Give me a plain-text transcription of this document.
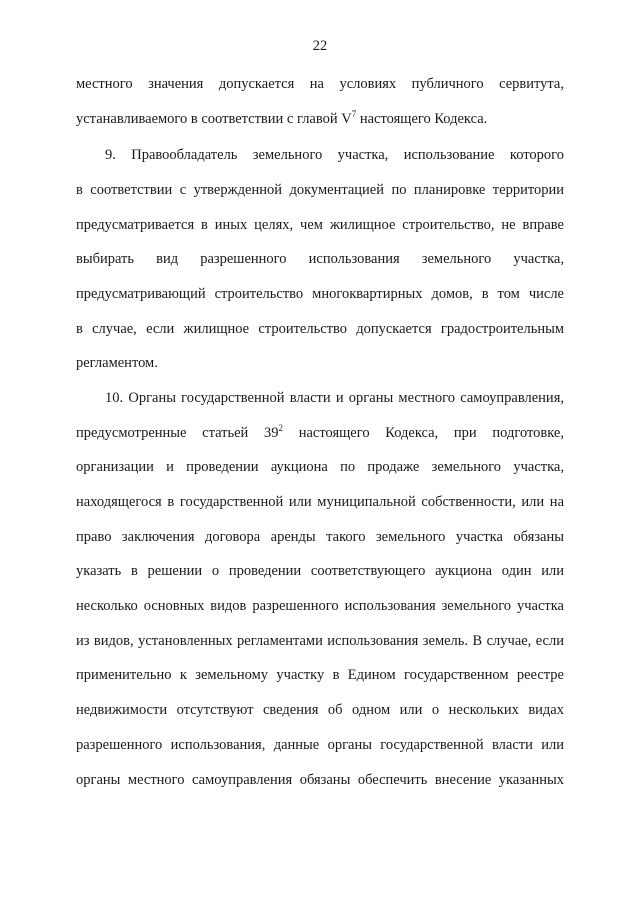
22
местного значения допускается на условиях публичного сервитута,
устанавливаемого в соответствии с главой $V^7$ настоящего Кодекса.
9. Правообладатель земельного участка, использование которого
в соответствии с утвержденной документацией по планировке территории
предусматривается в иных целях, чем жилищное строительство, не вправе
выбирать вид разрешенного использования земельного участка,
предусматривающий строительство многоквартирных домов, в том числе
в случае, если жилищное строительство допускается градостроительным
регламентом.
10. Органы государственной власти и органы местного самоуправления,
предусмотренные статьей $39^2$ настоящего Кодекса, при подготовке,
организации и проведении аукциона по продаже земельного участка,
находящегося в государственной или муниципальной собственности, или на
право заключения договора аренды такого земельного участка обязаны
указать в решении о проведении соответствующего аукциона один или
несколько основных видов разрешенного использования земельного участка
из видов, установленных регламентами использования земель. В случае, если
применительно к земельному участку в Едином государственном реестре
недвижимости отсутствуют сведения об одном или о нескольких видах
разрешенного использования, данные органы государственной власти или
органы местного самоуправления обязаны обеспечить внесение указанных
